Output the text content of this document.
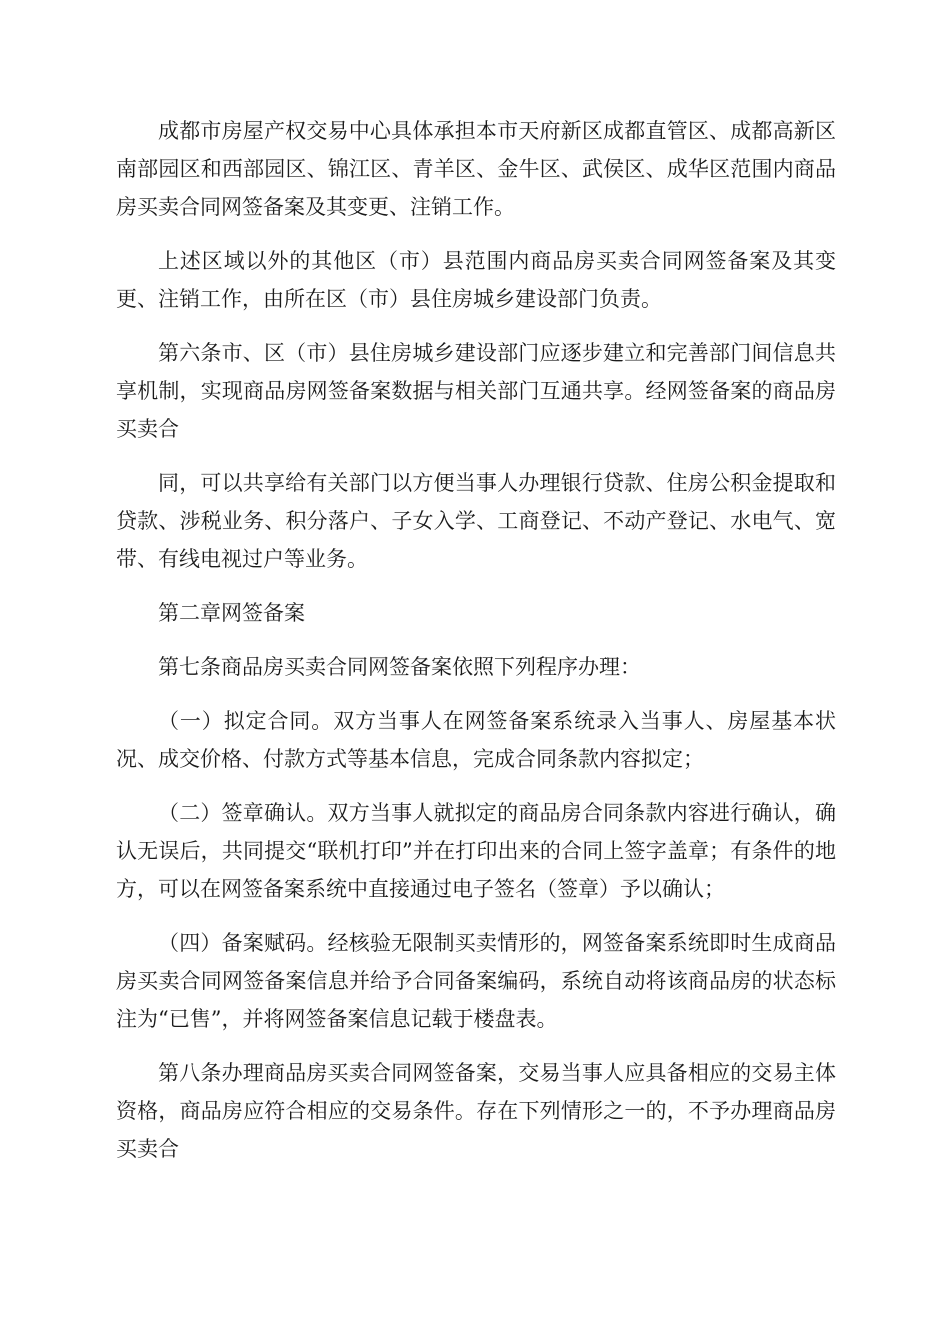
成都市房屋产权交易中心具体承担本市天府新区成都直管区、成都高新区南部园区和西部园区、锦江区、青羊区、金牛区、武侯区、成华区范围内商品房买卖合同网签备案及其变更、注销工作。

上述区域以外的其他区（市）县范围内商品房买卖合同网签备案及其变更、注销工作，由所在区（市）县住房城乡建设部门负责。

第六条市、区（市）县住房城乡建设部门应逐步建立和完善部门间信息共享机制，实现商品房网签备案数据与相关部门互通共享。经网签备案的商品房买卖合

同，可以共享给有关部门以方便当事人办理银行贷款、住房公积金提取和贷款、涉税业务、积分落户、子女入学、工商登记、不动产登记、水电气、宽带、有线电视过户等业务。

第二章网签备案

第七条商品房买卖合同网签备案依照下列程序办理：

（一）拟定合同。双方当事人在网签备案系统录入当事人、房屋基本状况、成交价格、付款方式等基本信息，完成合同条款内容拟定；

（二）签章确认。双方当事人就拟定的商品房合同条款内容进行确认，确认无误后，共同提交“联机打印”并在打印出来的合同上签字盖章；有条件的地方，可以在网签备案系统中直接通过电子签名（签章）予以确认；

（四）备案赋码。经核验无限制买卖情形的，网签备案系统即时生成商品房买卖合同网签备案信息并给予合同备案编码，系统自动将该商品房的状态标注为“已售”，并将网签备案信息记载于楼盘表。

第八条办理商品房买卖合同网签备案，交易当事人应具备相应的交易主体资格，商品房应符合相应的交易条件。存在下列情形之一的，不予办理商品房买卖合
